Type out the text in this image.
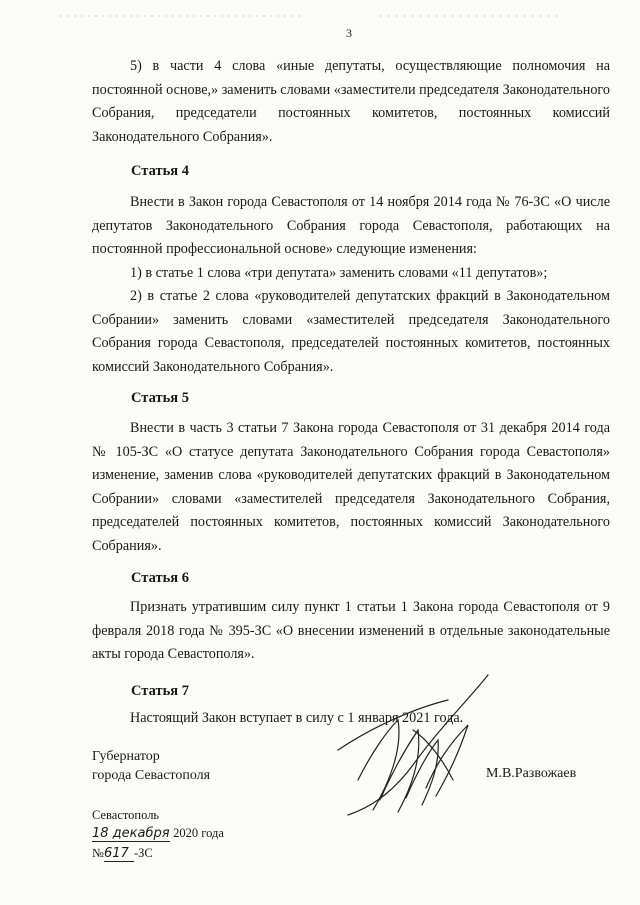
3

5) в части 4 слова «иные депутаты, осуществляющие полномочия на постоянной основе,» заменить словами «заместители председателя Законодательного Собрания, председатели постоянных комитетов, постоянных комиссий Законодательного Собрания».

Статья 4

Внести в Закон города Севастополя от 14 ноября 2014 года № 76-ЗС «О числе депутатов Законодательного Собрания города Севастополя, работающих на постоянной профессиональной основе» следующие изменения:

1) в статье 1 слова «три депутата» заменить словами «11 депутатов»;

2) в статье 2 слова «руководителей депутатских фракций в Законодательном Собрании» заменить словами «заместителей председателя Законодательного Собрания города Севастополя, председателей постоянных комитетов, постоянных комиссий Законодательного Собрания».

Статья 5

Внести в часть 3 статьи 7 Закона города Севастополя от 31 декабря 2014 года № 105-ЗС «О статусе депутата Законодательного Собрания города Севастополя» изменение, заменив слова «руководителей депутатских фракций в Законодательном Собрании» словами «заместителей председателя Законодательного Собрания, председателей постоянных комитетов, постоянных комиссий Законодательного Собрания».

Статья 6

Признать утратившим силу пункт 1 статьи 1 Закона города Севастополя от 9 февраля 2018 года № 395-ЗС «О внесении изменений в отдельные законодательные акты города Севастополя».

Статья 7

Настоящий Закон вступает в силу с 1 января 2021 года.

Губернатор
города Севастополя	М.В.Развожаев
Севастополь
18 декабря 2020 года
№617 -ЗС
